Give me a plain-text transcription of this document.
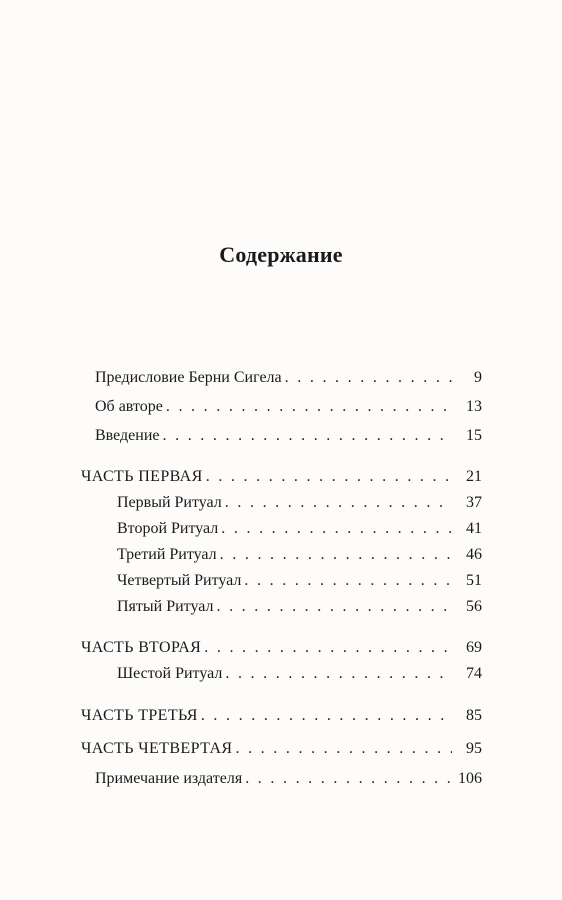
Содержание
Предисловие Берни Сигела . . .	9
Об авторе . . .	13
Введение . . .	15
ЧАСТЬ ПЕРВАЯ . . .	21
Первый Ритуал . . .	37
Второй Ритуал . . .	41
Третий Ритуал . . .	46
Четвертый Ритуал . . .	51
Пятый Ритуал . . .	56
ЧАСТЬ ВТОРАЯ . . .	69
Шестой Ритуал . . .	74
ЧАСТЬ ТРЕТЬЯ . . .	85
ЧАСТЬ ЧЕТВЕРТАЯ . . .	95
Примечание издателя . . .	106
